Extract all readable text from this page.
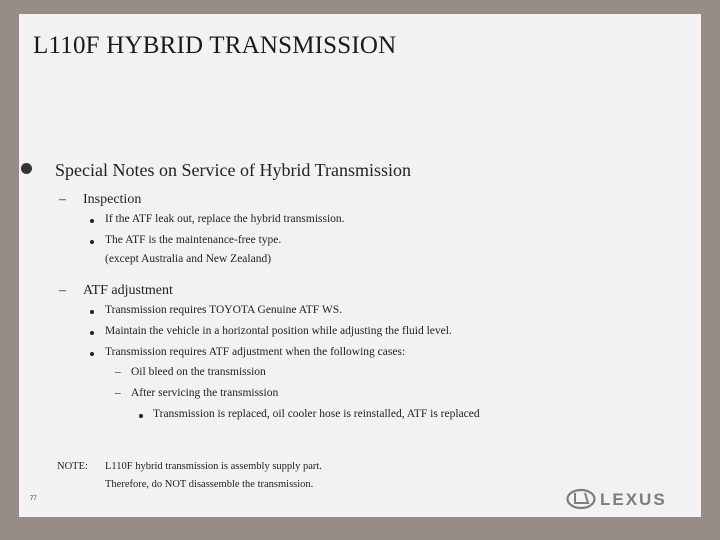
L110F HYBRID TRANSMISSION
Special Notes on Service of Hybrid Transmission
– Inspection
If the ATF leak out, replace the hybrid transmission.
The ATF is the maintenance-free type.
(except Australia and New Zealand)
– ATF adjustment
Transmission requires TOYOTA Genuine ATF WS.
Maintain the vehicle in a horizontal position while adjusting the fluid level.
Transmission requires ATF adjustment when the following cases:
– Oil bleed on the transmission
– After servicing the transmission
Transmission is replaced, oil cooler hose is reinstalled, ATF is replaced
NOTE: L110F hybrid transmission is assembly supply part.
Therefore, do NOT disassemble the transmission.
77	LEXUS
